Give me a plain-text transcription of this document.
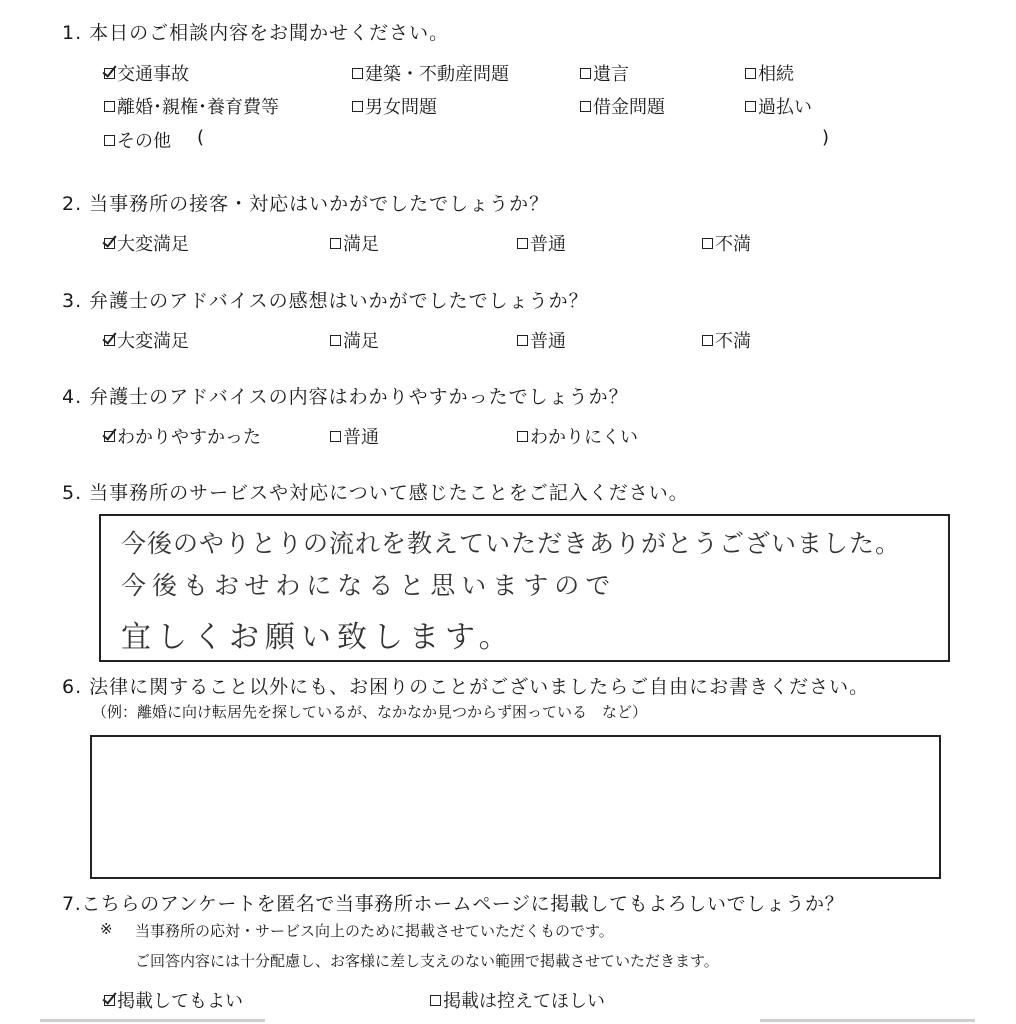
1. 本日のご相談内容をお聞かせください。
交通事故	建築・不動産問題	遺言	相続
離婚･親権･養育費等	男女問題	借金問題	過払い
その他 (	)
2. 当事務所の接客・対応はいかがでしたでしょうか？
大変満足	満足	普通	不満
3. 弁護士のアドバイスの感想はいかがでしたでしょうか？
大変満足	満足	普通	不満
4. 弁護士のアドバイスの内容はわかりやすかったでしょうか？
わかりやすかった	普通	わかりにくい
5. 当事務所のサービスや対応について感じたことをご記入ください。
今後のやりとりの流れを教えていただきありがとうございました。
今後もおせわになると思いますので
宜しくお願い致します。
6. 法律に関すること以外にも、お困りのことがございましたらご自由にお書きください。
（例：離婚に向け転居先を探しているが、なかなか見つからず困っている　など）
7.こちらのアンケートを匿名で当事務所ホームページに掲載してもよろしいでしょうか？
※ 当事務所の応対・サービス向上のために掲載させていただくものです。
ご回答内容には十分配慮し、お客様に差し支えのない範囲で掲載させていただきます。
掲載してもよい	掲載は控えてほしい
